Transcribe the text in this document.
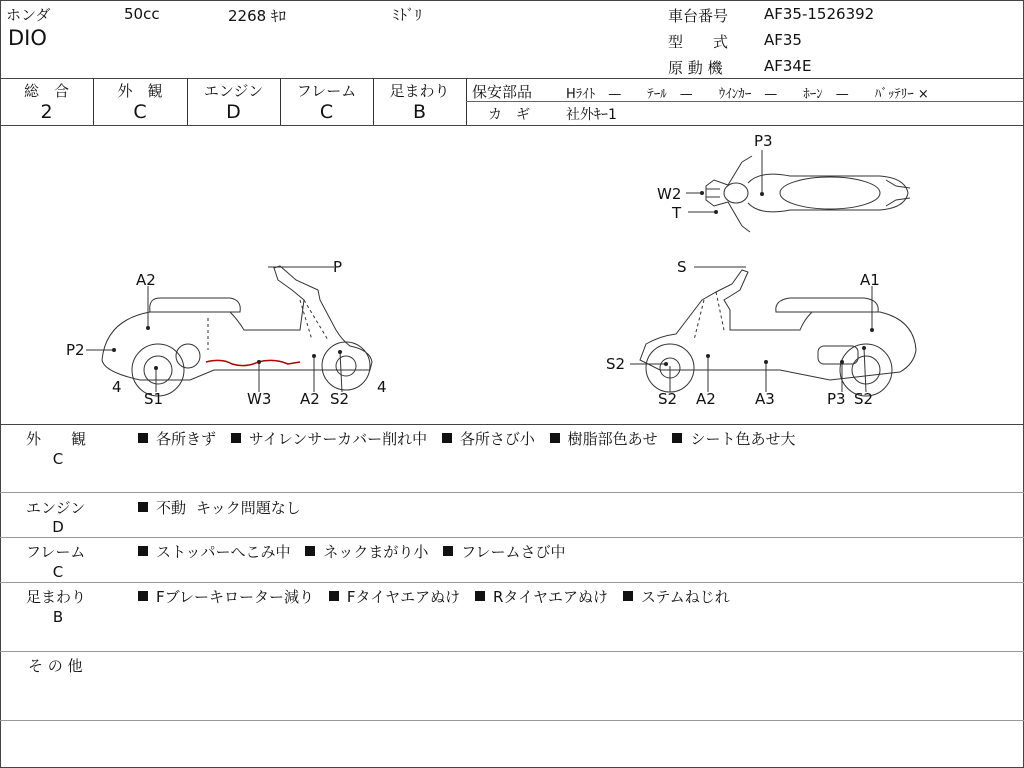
ホンダ
DIO
50cc	2268 ｷﾛ	ﾐﾄﾞﾘ	車台番号 AF35-1526392
型　　式 AF35
原 動 機	AF34E
総　合
2
外　観
C
エンジン
D
フレーム
C
足まわり
B
保安部品	Hﾗｲﾄ　—　　ﾃｰﾙ　—　　ｳｲﾝｶｰ　—　　ﾎｰﾝ　—　　ﾊﾞｯﾃﾘｰ ×
カ　ギ	社外ｷｰ1
P3
W2
T
A2
P
P2
4
S1	W3 A2 S2
4
S
A1
S2
S2 A2	A3	P3 S2
外　　観
C
各所きず サイレンサーカバー削れ中 各所さび小 樹脂部色あせ シート色あせ大
エンジン
D
不動 キック問題なし
フレーム
C
ストッパーへこみ中 ネックまがり小 フレームさび中
足まわり
B
Fブレーキローター減り Fタイヤエアぬけ Rタイヤエアぬけ ステムねじれ
そ の 他
